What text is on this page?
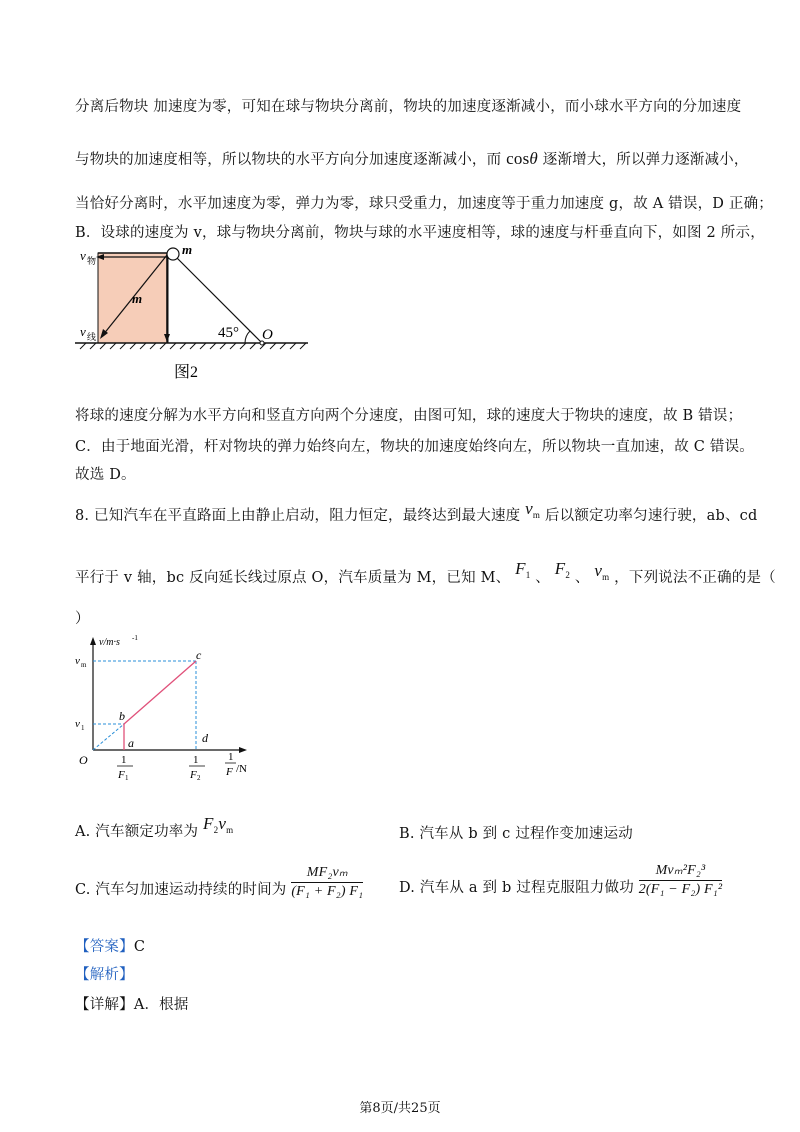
分离后物块 加速度为零，可知在球与物块分离前，物块的加速度逐渐减小，而小球水平方向的分加速度
与物块的加速度相等，所以物块的水平方向分加速度逐渐减小，而 cosθ 逐渐增大，所以弹力逐渐减小，
当恰好分离时，水平加速度为零，弹力为零，球只受重力，加速度等于重力加速度 g，故 A 错误，D 正确；
B．设球的速度为 v，球与物块分离前，物块与球的水平速度相等，球的速度与杆垂直向下，如图 2 所示，
v 物
v 线
m
m
45° O
图2
将球的速度分解为水平方向和竖直方向两个分速度，由图可知，球的速度大于物块的速度，故 B 错误；
C．由于地面光滑，杆对物块的弹力始终向左，物块的加速度始终向左，所以物块一直加速，故 C 错误。
故选 D。
8. 已知汽车在平直路面上由静止启动，阻力恒定，最终达到最大速度 $v_m$ 后以额定功率匀速行驶，ab、cd
平行于 v 轴，bc 反向延长线过原点 O，汽车质量为 M，已知 M、 $F_1$ 、 $F_2$ 、 $v_m$ ，下列说法不正确的是（
）
v/m·s -1
v m
v 1
a
b
c
d
O	1
F 1
1
F 2
1
F /N
A. 汽车额定功率为 $F_2v_m$	B. 汽车从 b 到 c 过程作变加速运动
C. 汽车匀加速运动持续的时间为 $\frac{\text{MF₂vₘ}}{\text{(F₁ + F₂) F₁}} D$. 汽车从 a 到 b 过程克服阻力做功 $\frac{\text{Mvₘ²F₂³}}{\text{2(F₁ − F₂) F₁²}}$
【答案】C
【解析】
【详解】A．根据
第8页/共25页
